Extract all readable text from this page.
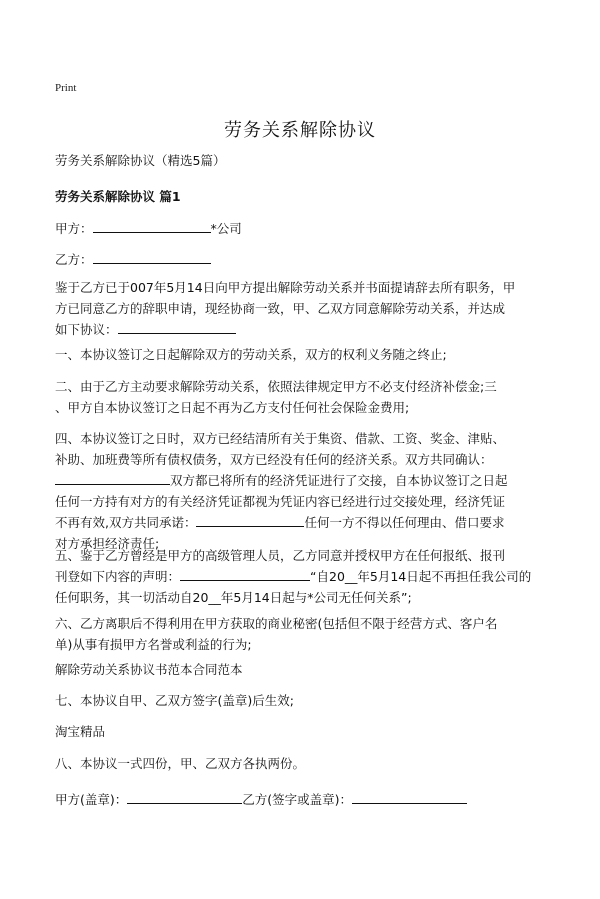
Print
劳务关系解除协议
劳务关系解除协议（精选5篇）
劳务关系解除协议 篇1
甲方：	*公司
乙方：
鉴于乙方已于007年5月14日向甲方提出解除劳动关系并书面提请辞去所有职务，甲
方已同意乙方的辞职申请，现经协商一致，甲、乙双方同意解除劳动关系，并达成
如下协议：
一、本协议签订之日起解除双方的劳动关系，双方的权利义务随之终止;
二、由于乙方主动要求解除劳动关系，依照法律规定甲方不必支付经济补偿金;三
、甲方自本协议签订之日起不再为乙方支付任何社会保险金费用;
四、本协议签订之日时，双方已经结清所有关于集资、借款、工资、奖金、津贴、
补助、加班费等所有债权债务，双方已经没有任何的经济关系。双方共同确认：
双方都已将所有的经济凭证进行了交接，自本协议签订之日起
任何一方持有对方的有关经济凭证都视为凭证内容已经进行过交接处理，经济凭证
不再有效,双方共同承诺：	任何一方不得以任何理由、借口要求
对方承担经济责任;
五、鉴于乙方曾经是甲方的高级管理人员，乙方同意并授权甲方在任何报纸、报刊
刊登如下内容的声明：	“自20__年5月14日起不再担任我公司的
任何职务，其一切活动自20__年5月14日起与*公司无任何关系”;
六、乙方离职后不得利用在甲方获取的商业秘密(包括但不限于经营方式、客户名
单)从事有损甲方名誉或利益的行为;
解除劳动关系协议书范本合同范本
七、本协议自甲、乙双方签字(盖章)后生效;
淘宝精品
八、本协议一式四份，甲、乙双方各执两份。
甲方(盖章)：	乙方(签字或盖章)：
